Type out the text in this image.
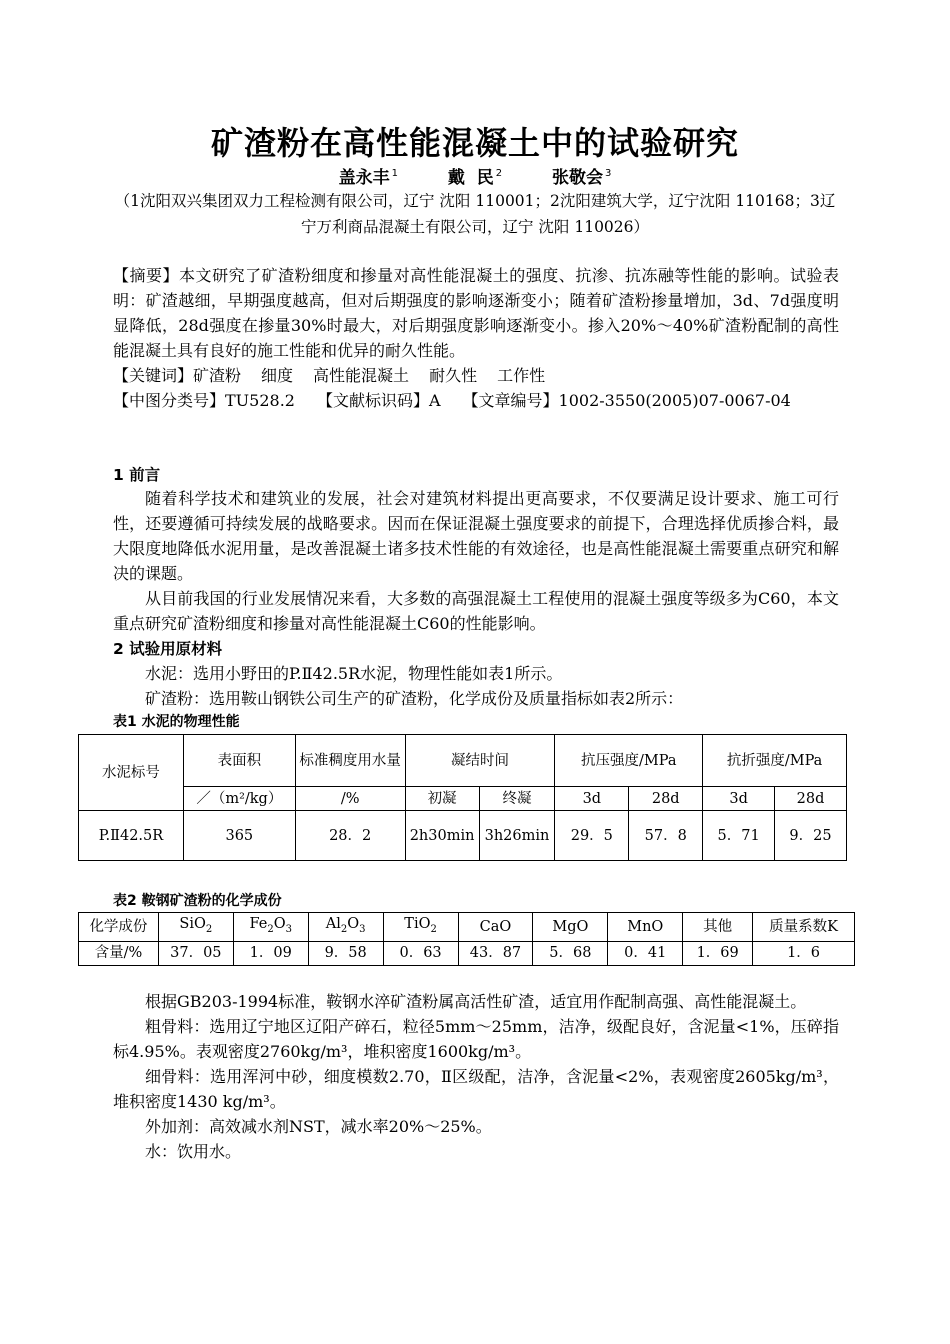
矿渣粉在高性能混凝土中的试验研究
盖永丰 $^1$	戴  民 $^2$	张敬会 $^3$
（1沈阳双兴集团双力工程检测有限公司，辽宁 沈阳 110001；2沈阳建筑大学，辽宁沈阳 110168；3辽宁万利商品混凝土有限公司，辽宁 沈阳 110026）

【摘要】本文研究了矿渣粉细度和掺量对高性能混凝土的强度、抗渗、抗冻融等性能的影响。试验表明：矿渣越细，早期强度越高，但对后期强度的影响逐渐变小；随着矿渣粉掺量增加，3d、7d强度明显降低，28d强度在掺量30%时最大，对后期强度影响逐渐变小。掺入20%～40%矿渣粉配制的高性能混凝土具有良好的施工性能和优异的耐久性能。

【关键词】矿渣粉 细度 高性能混凝土 耐久性 工作性

【中图分类号】TU528.2 【文献标识码】A 【文章编号】1002-3550(2005)07-0067-04

1 前言

随着科学技术和建筑业的发展，社会对建筑材料提出更高要求，不仅要满足设计要求、施工可行性，还要遵循可持续发展的战略要求。因而在保证混凝土强度要求的前提下，合理选择优质掺合料，最大限度地降低水泥用量，是改善混凝土诸多技术性能的有效途径，也是高性能混凝土需要重点研究和解决的课题。

从目前我国的行业发展情况来看，大多数的高强混凝土工程使用的混凝土强度等级多为C60，本文重点研究矿渣粉细度和掺量对高性能混凝土C60的性能影响。

2 试验用原材料

水泥：选用小野田的P.Ⅱ42.5R水泥，物理性能如表1所示。

矿渣粉：选用鞍山钢铁公司生产的矿渣粉，化学成份及质量指标如表2所示：

表1 水泥的物理性能
水泥标号	表面积	标准稠度用水量	凝结时间		抗压强度/MPa		抗折强度/MPa	
	／（m²/kg）	/%	初凝	终凝	3d	28d	3d	28d
P.Ⅱ42.5R	365	28．2	2h30min	3h26min	29．5	57．8	5．71	9．25
表2 鞍钢矿渣粉的化学成份
化学成份	SiO$_2$	$Fe_2O_3$	$Al_2O_3$	TiO$_2$	CaO	MgO	MnO	其他	质量系数K
含量/%	37．05	1．09	9．58	0．63	43．87	5．68	0．41	1．69	1．6

根据GB203-1994标准，鞍钢水淬矿渣粉属高活性矿渣，适宜用作配制高强、高性能混凝土。

粗骨料：选用辽宁地区辽阳产碎石，粒径5mm～25mm，洁净，级配良好，含泥量<1%，压碎指标4.95%。表观密度2760kg/m³，堆积密度1600kg/m³。

细骨料：选用浑河中砂，细度模数2.70，Ⅱ区级配，洁净，含泥量<2%，表观密度2605kg/m³，堆积密度1430 kg/m³。

外加剂：高效减水剂NST，减水率20%～25%。

水：饮用水。
